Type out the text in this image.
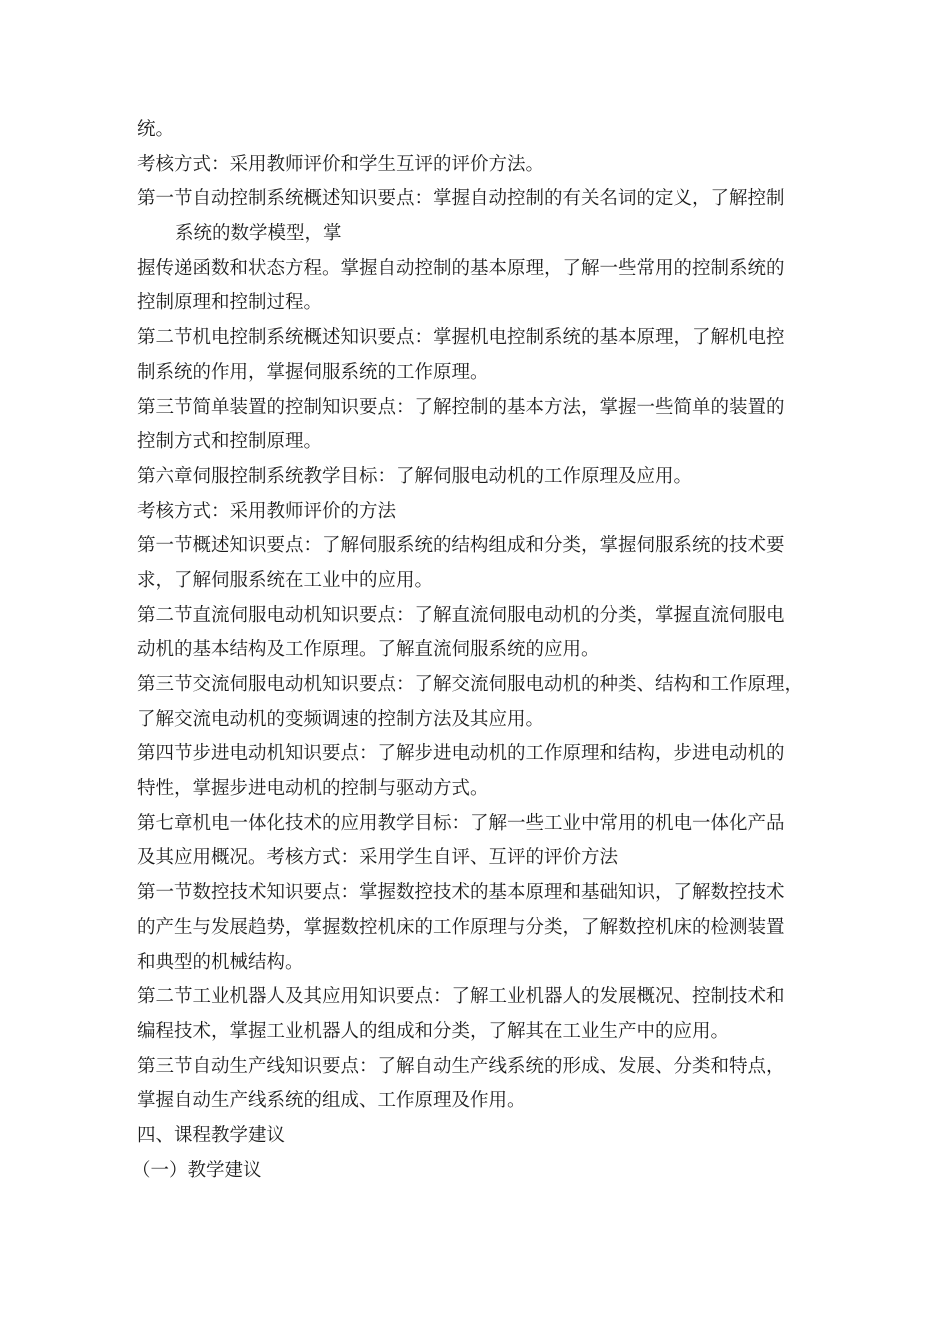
统。
考核方式：采用教师评价和学生互评的评价方法。
第一节自动控制系统概述知识要点：掌握自动控制的有关名词的定义，了解控制
系统的数学模型，掌
握传递函数和状态方程。掌握自动控制的基本原理，了解一些常用的控制系统的
控制原理和控制过程。
第二节机电控制系统概述知识要点：掌握机电控制系统的基本原理，了解机电控
制系统的作用，掌握伺服系统的工作原理。
第三节简单装置的控制知识要点：了解控制的基本方法，掌握一些简单的装置的
控制方式和控制原理。
第六章伺服控制系统教学目标：了解伺服电动机的工作原理及应用。
考核方式：采用教师评价的方法
第一节概述知识要点：了解伺服系统的结构组成和分类，掌握伺服系统的技术要
求，了解伺服系统在工业中的应用。
第二节直流伺服电动机知识要点：了解直流伺服电动机的分类，掌握直流伺服电
动机的基本结构及工作原理。了解直流伺服系统的应用。
第三节交流伺服电动机知识要点：了解交流伺服电动机的种类、结构和工作原理，
了解交流电动机的变频调速的控制方法及其应用。
第四节步进电动机知识要点：了解步进电动机的工作原理和结构，步进电动机的
特性，掌握步进电动机的控制与驱动方式。
第七章机电一体化技术的应用教学目标：了解一些工业中常用的机电一体化产品
及其应用概况。考核方式：采用学生自评、互评的评价方法
第一节数控技术知识要点：掌握数控技术的基本原理和基础知识，了解数控技术
的产生与发展趋势，掌握数控机床的工作原理与分类，了解数控机床的检测装置
和典型的机械结构。
第二节工业机器人及其应用知识要点：了解工业机器人的发展概况、控制技术和
编程技术，掌握工业机器人的组成和分类，了解其在工业生产中的应用。
第三节自动生产线知识要点：了解自动生产线系统的形成、发展、分类和特点，
掌握自动生产线系统的组成、工作原理及作用。
四、课程教学建议
（一）教学建议
